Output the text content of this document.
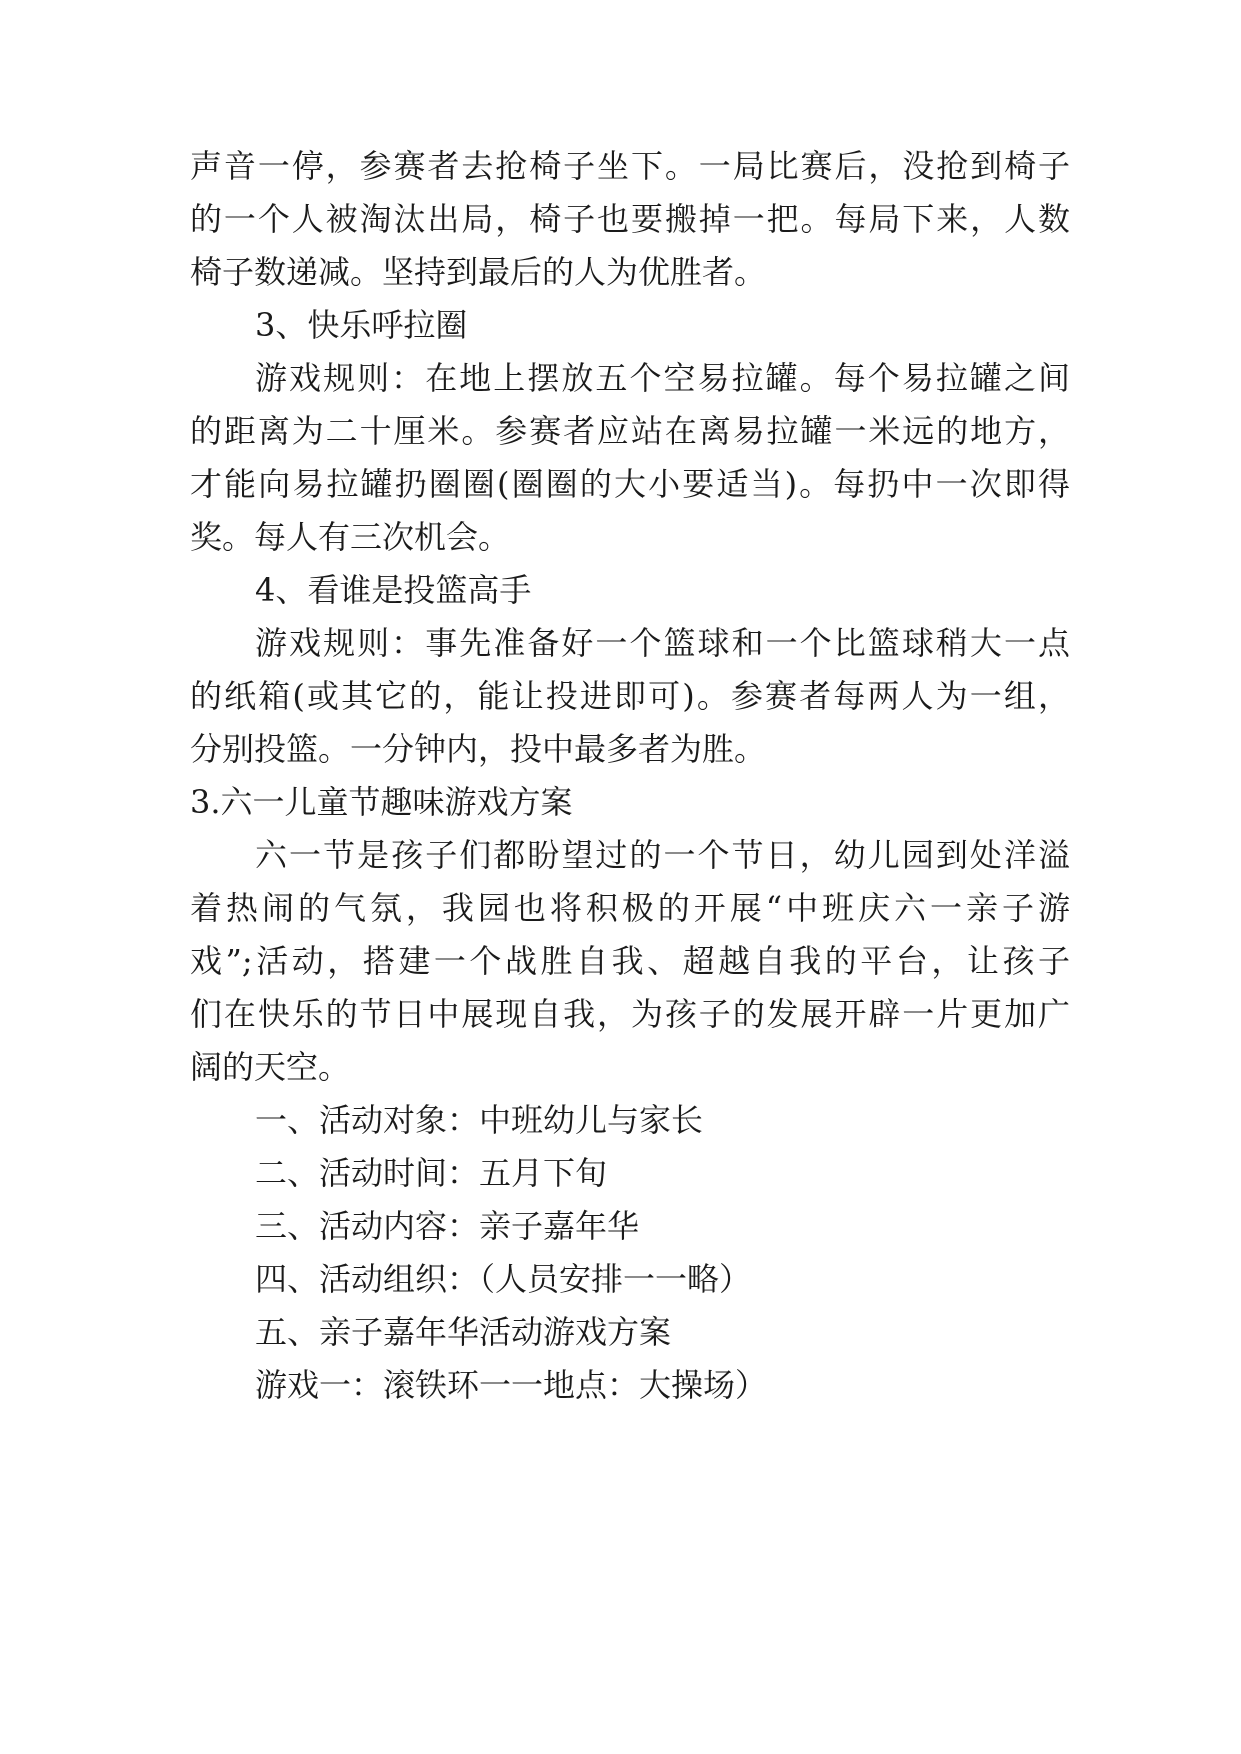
声音一停，参赛者去抢椅子坐下。一局比赛后，没抢到椅子
的一个人被淘汰出局，椅子也要搬掉一把。每局下来，人数
椅子数递减。坚持到最后的人为优胜者。
3、快乐呼拉圈
游戏规则：在地上摆放五个空易拉罐。每个易拉罐之间
的距离为二十厘米。参赛者应站在离易拉罐一米远的地方，
才能向易拉罐扔圈圈(圈圈的大小要适当)。每扔中一次即得
奖。每人有三次机会。
4、看谁是投篮高手
游戏规则：事先准备好一个篮球和一个比篮球稍大一点
的纸箱(或其它的，能让投进即可)。参赛者每两人为一组，
分别投篮。一分钟内，投中最多者为胜。
3.六一儿童节趣味游戏方案
六一节是孩子们都盼望过的一个节日，幼儿园到处洋溢
着热闹的气氛，我园也将积极的开展“中班庆六一亲子游
戏”;活动，搭建一个战胜自我、超越自我的平台，让孩子
们在快乐的节日中展现自我，为孩子的发展开辟一片更加广
阔的天空。
一、活动对象：中班幼儿与家长
二、活动时间：五月下旬
三、活动内容：亲子嘉年华
四、活动组织：（人员安排一一略）
五、亲子嘉年华活动游戏方案
游戏一：滚铁环一一地点：大操场）
